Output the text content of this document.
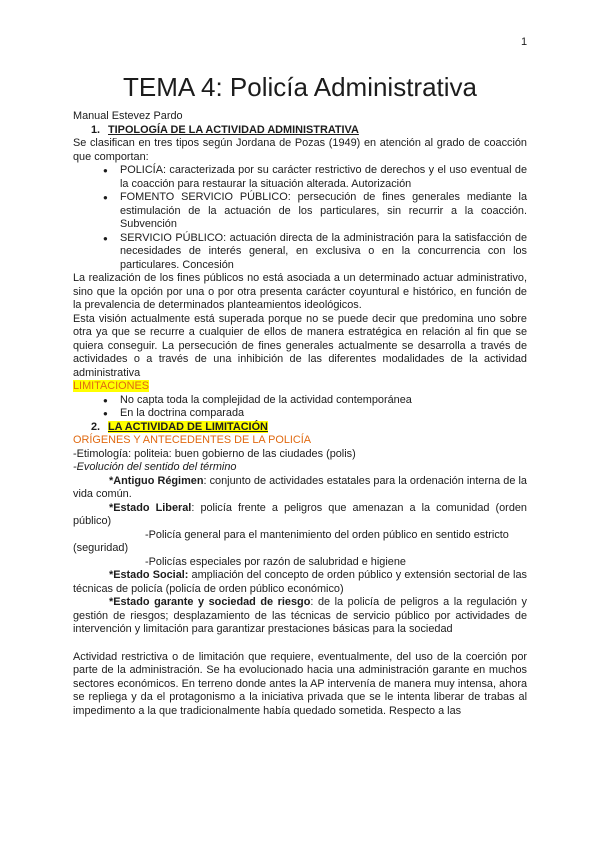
1
TEMA 4: Policía Administrativa

Manual Estevez Pardo

1. TIPOLOGÍA DE LA ACTIVIDAD ADMINISTRATIVA

Se clasifican en tres tipos según Jordana de Pozas (1949) en atención al grado de coacción que comportan:

● POLICÍA: caracterizada por su carácter restrictivo de derechos y el uso eventual de la coacción para restaurar la situación alterada. Autorización
● FOMENTO SERVICIO PÚBLICO: persecución de fines generales mediante la estimulación de la actuación de los particulares, sin recurrir a la coacción. Subvención
● SERVICIO PÚBLICO: actuación directa de la administración para la satisfacción de necesidades de interés general, en exclusiva o en la concurrencia con los particulares. Concesión

La realización de los fines públicos no está asociada a un determinado actuar administrativo, sino que la opción por una o por otra presenta carácter coyuntural e histórico, en función de la prevalencia de determinados planteamientos ideológicos.

Esta visión actualmente está superada porque no se puede decir que predomina uno sobre otra ya que se recurre a cualquier de ellos de manera estratégica en relación al fin que se quiera conseguir. La persecución de fines generales actualmente se desarrolla a través de actividades o a través de una inhibición de las diferentes modalidades de la actividad administrativa

LIMITACIONES

● No capta toda la complejidad de la actividad contemporánea
● En la doctrina comparada
2. LA ACTIVIDAD DE LIMITACIÓN

ORÍGENES Y ANTECEDENTES DE LA POLICÍA

-Etimología: politeia: buen gobierno de las ciudades (polis)

-Evolución del sentido del término

*Antiguo Régimen: conjunto de actividades estatales para la ordenación interna de la vida común.

*Estado Liberal: policía frente a peligros que amenazan a la comunidad (orden público)

-Policía general para el mantenimiento del orden público en sentido estricto (seguridad)

-Policías especiales por razón de salubridad e higiene

*Estado Social: ampliación del concepto de orden público y extensión sectorial de las técnicas de policía (policía de orden público económico)

*Estado garante y sociedad de riesgo: de la policía de peligros a la regulación y gestión de riesgos; desplazamiento de las técnicas de servicio público por actividades de intervención y limitación para garantizar prestaciones básicas para la sociedad

Actividad restrictiva o de limitación que requiere, eventualmente, del uso de la coerción por parte de la administración. Se ha evolucionado hacia una administración garante en muchos sectores económicos. En terreno donde antes la AP intervenía de manera muy intensa, ahora se repliega y da el protagonismo a la iniciativa privada que se le intenta liberar de trabas al impedimento a la que tradicionalmente había quedado sometida. Respecto a las
